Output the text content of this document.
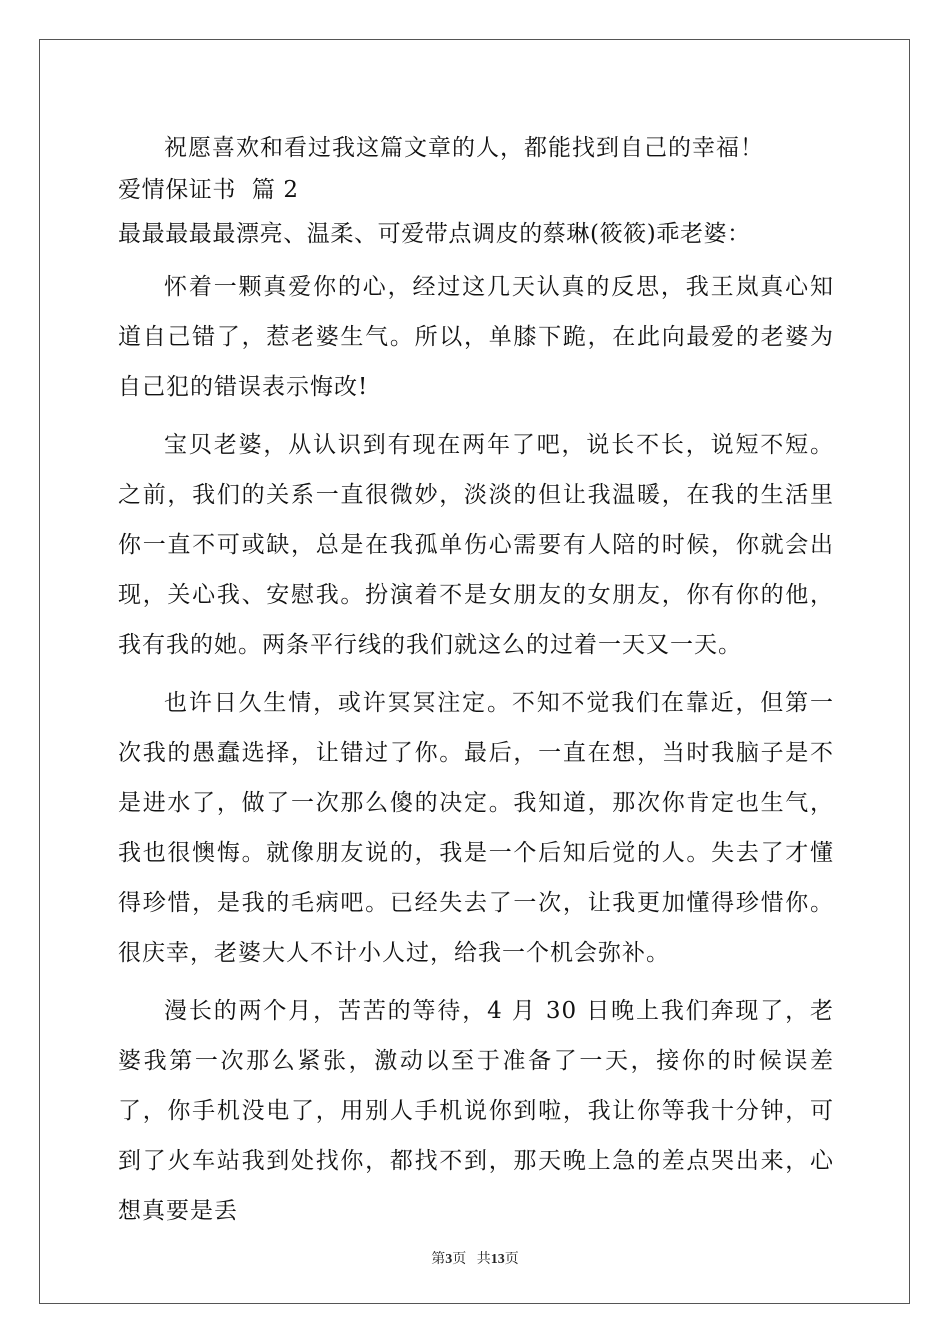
祝愿喜欢和看过我这篇文章的人，都能找到自己的幸福！

爱情保证书  篇 2
最最最最最漂亮、温柔、可爱带点调皮的蔡琳(筱筱)乖老婆：

怀着一颗真爱你的心，经过这几天认真的反思，我王岚真心知道自己错了，惹老婆生气。所以，单膝下跪，在此向最爱的老婆为自己犯的错误表示悔改!

宝贝老婆，从认识到有现在两年了吧，说长不长，说短不短。之前，我们的关系一直很微妙，淡淡的但让我温暖，在我的生活里你一直不可或缺，总是在我孤单伤心需要有人陪的时候，你就会出现，关心我、安慰我。扮演着不是女朋友的女朋友，你有你的他，我有我的她。两条平行线的我们就这么的过着一天又一天。

也许日久生情，或许冥冥注定。不知不觉我们在靠近，但第一次我的愚蠢选择，让错过了你。最后，一直在想，当时我脑子是不是进水了，做了一次那么傻的决定。我知道，那次你肯定也生气，我也很懊悔。就像朋友说的，我是一个后知后觉的人。失去了才懂得珍惜，是我的毛病吧。已经失去了一次，让我更加懂得珍惜你。很庆幸，老婆大人不计小人过，给我一个机会弥补。

漫长的两个月，苦苦的等待，4 月 30 日晚上我们奔现了，老婆我第一次那么紧张，激动以至于准备了一天，接你的时候误差了，你手机没电了，用别人手机说你到啦，我让你等我十分钟，可到了火车站我到处找你，都找不到，那天晚上急的差点哭出来，心想真要是丢

第3页   共13页
